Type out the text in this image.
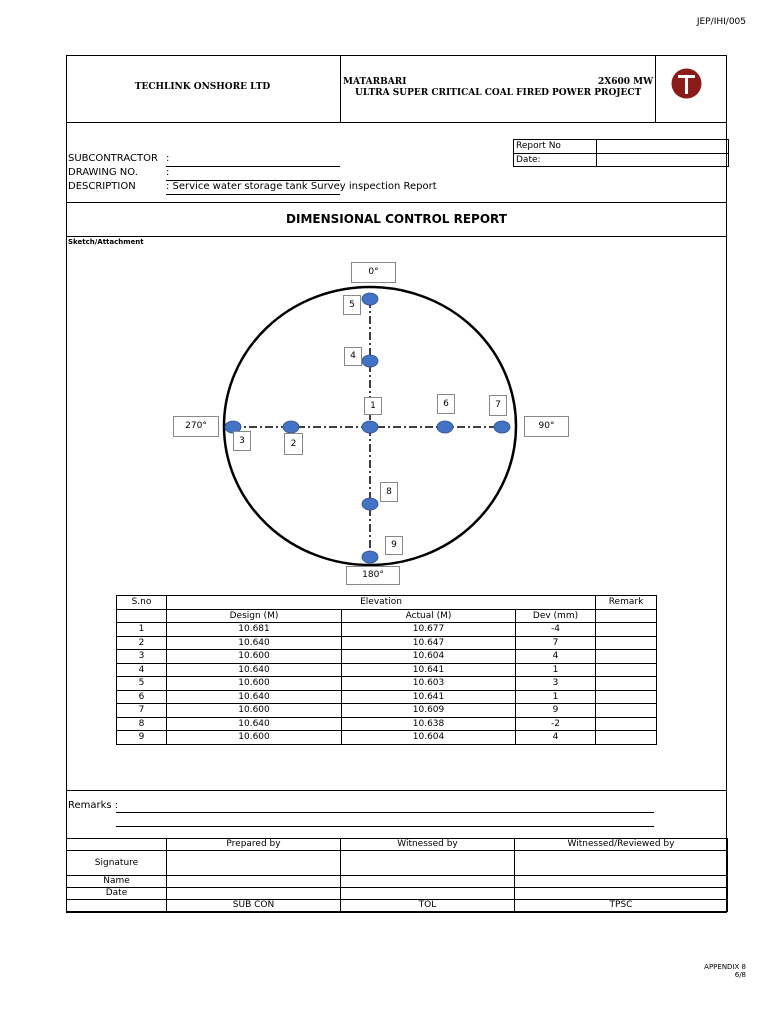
JEP/IHI/005
TECHLINK ONSHORE LTD	MATARBARI	2X600 MW
ULTRA SUPER CRITICAL COAL FIRED POWER PROJECT
SUBCONTRACTOR :
DRAWING NO.	:
DESCRIPTION	: Service water storage tank Survey inspection Report
Report No	
Date:	
DIMENSIONAL CONTROL REPORT
Sketch/Attachment
0°
90°
180°
270°
1
2
3
4
5
6	7
8
9
S.no	Elevation			Remark
	Design (M)	Actual (M)	Dev (mm)	
1	10.681	10.677	-4	
2	10.640	10.647	7	
3	10.600	10.604	4	
4	10.640	10.641	1	
5	10.600	10.603	3	
6	10.640	10.641	1	
7	10.600	10.609	9	
8	10.640	10.638	-2	
9	10.600	10.604	4	
Remarks :
	Prepared by	Witnessed by	Witnessed/Reviewed by
Signature			
Name			
Date			
	SUB CON	TOL	TPSC
APPENDIX 8
6/8
